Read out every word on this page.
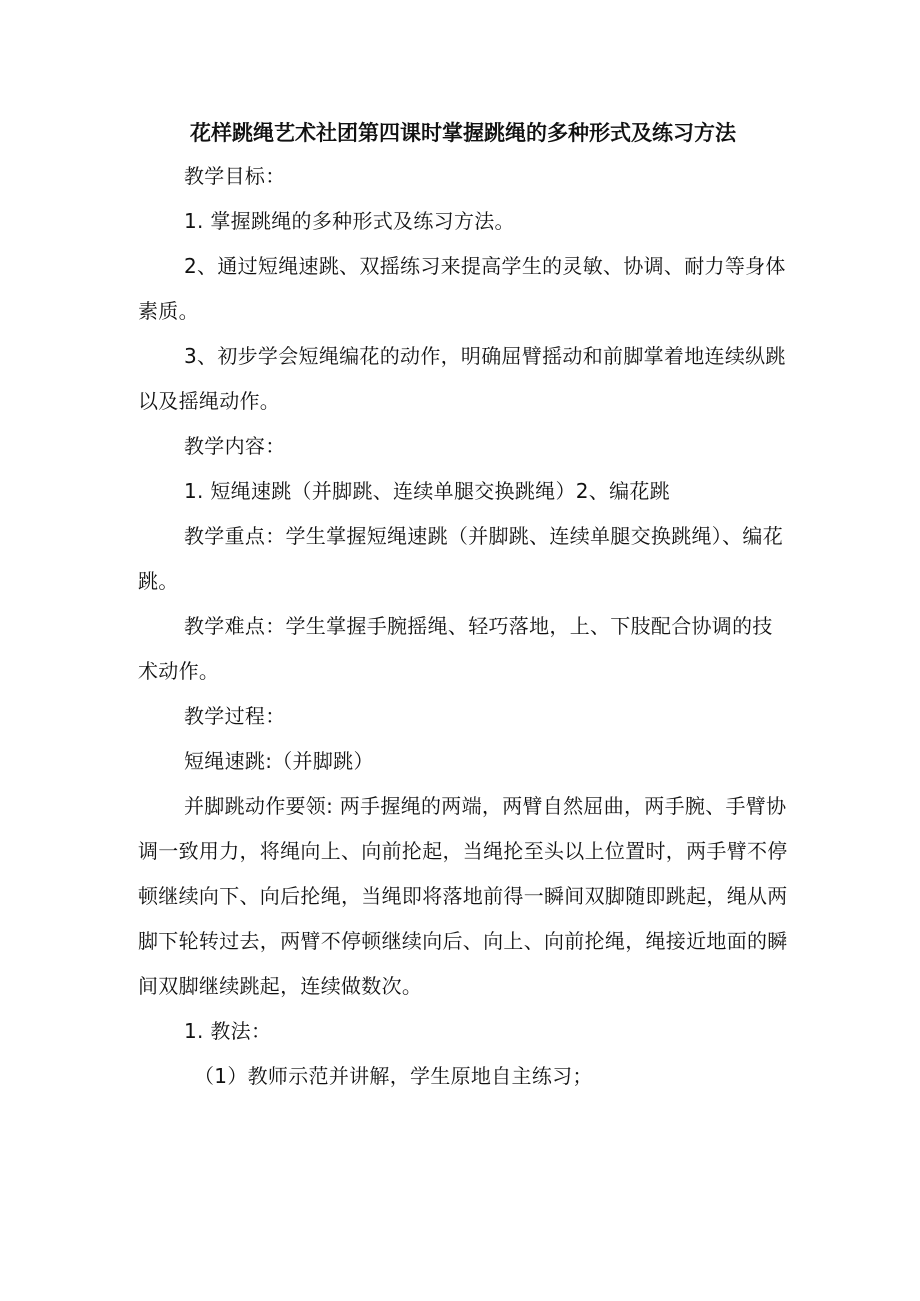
花样跳绳艺术社团第四课时掌握跳绳的多种形式及练习方法

教学目标：

1. 掌握跳绳的多种形式及练习方法。

2、通过短绳速跳、双摇练习来提高学生的灵敏、协调、耐力等身体素质。

3、初步学会短绳编花的动作，明确屈臂摇动和前脚掌着地连续纵跳以及摇绳动作。

教学内容：

1. 短绳速跳（并脚跳、连续单腿交换跳绳）2、编花跳

教学重点：学生掌握短绳速跳（并脚跳、连续单腿交换跳绳）、编花跳。

教学难点：学生掌握手腕摇绳、轻巧落地，上、下肢配合协调的技术动作。

教学过程：

短绳速跳:（并脚跳）

并脚跳动作要领: 两手握绳的两端，两臂自然屈曲，两手腕、手臂协调一致用力，将绳向上、向前抡起，当绳抡至头以上位置时，两手臂不停顿继续向下、向后抡绳，当绳即将落地前得一瞬间双脚随即跳起，绳从两脚下轮转过去，两臂不停顿继续向后、向上、向前抡绳，绳接近地面的瞬间双脚继续跳起，连续做数次。

1. 教法：

（1）教师示范并讲解，学生原地自主练习；
